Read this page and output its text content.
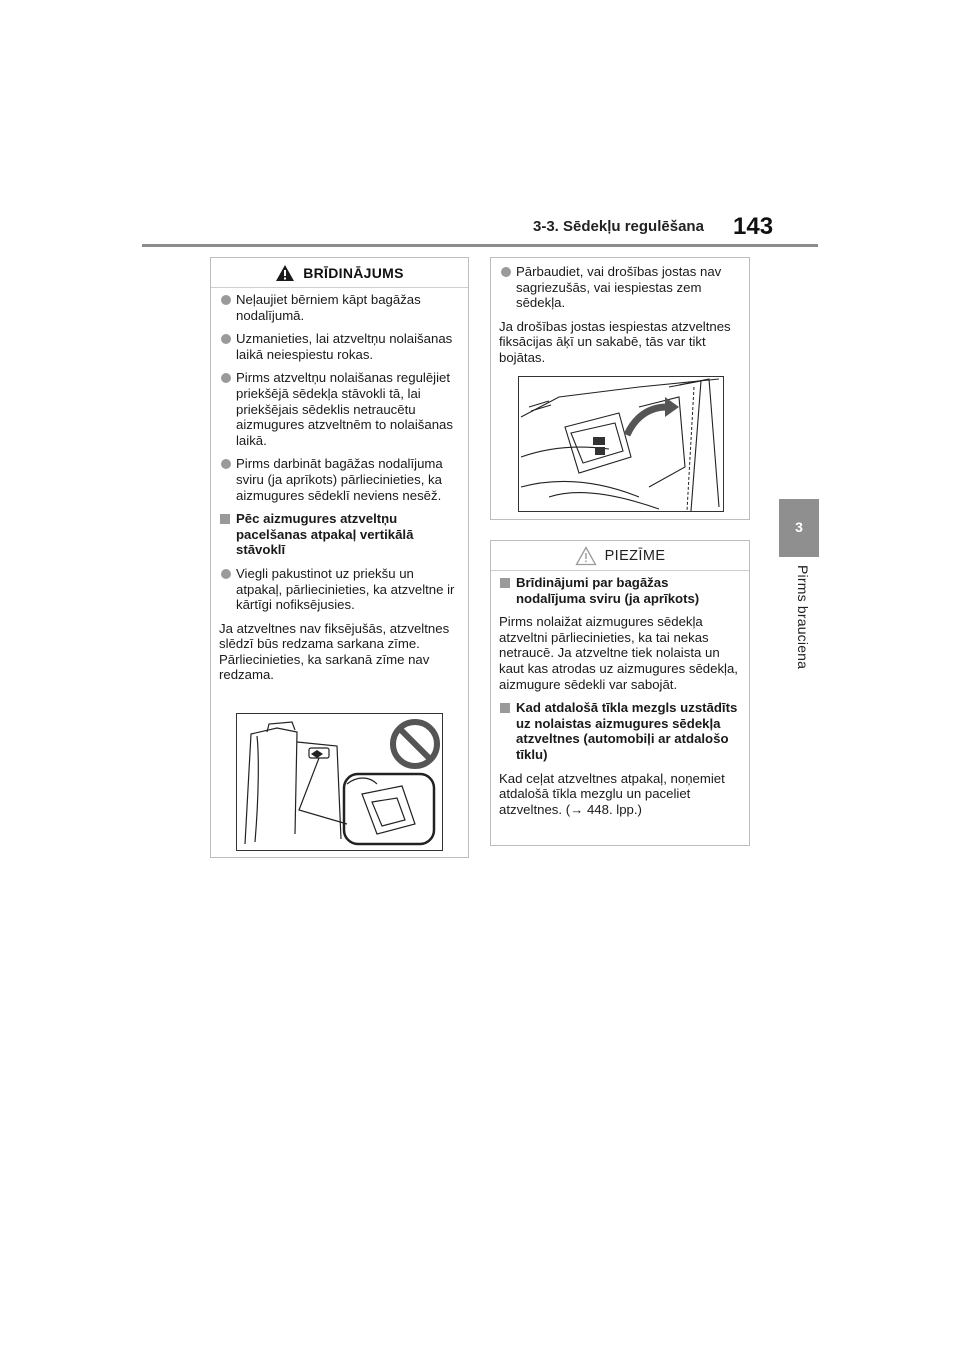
3-3. Sēdekļu regulēšana 143
3
Pirms brauciena
BRĪDINĀJUMS
Neļaujiet bērniem kāpt bagāžas nodalījumā.
Uzmanieties, lai atzveltņu nolaišanas laikā neiespiestu rokas.
Pirms atzveltņu nolaišanas regulējiet priekšējā sēdekļa stāvokli tā, lai priekšējais sēdeklis netraucētu aizmugures atzveltnēm to nolaišanas laikā.
Pirms darbināt bagāžas nodalījuma sviru (ja aprīkots) pārliecinieties, ka aizmugures sēdeklī neviens nesēž.
Pēc aizmugures atzveltņu pacelšanas atpakaļ vertikālā stāvoklī
Viegli pakustinot uz priekšu un atpakaļ, pārliecinieties, ka atzveltne ir kārtīgi nofiksējusies.
Ja atzveltnes nav fiksējušās, atzveltnes slēdzī būs redzama sarkana zīme. Pārliecinieties, ka sarkanā zīme nav redzama.
Pārbaudiet, vai drošības jostas nav sagriezušās, vai iespiestas zem sēdekļa.
Ja drošības jostas iespiestas atzveltnes fiksācijas āķī un sakabē, tās var tikt bojātas.
PIEZĪME
Brīdinājumi par bagāžas nodalījuma sviru (ja aprīkots)
Pirms nolaižat aizmugures sēdekļa atzveltni pārliecinieties, ka tai nekas netraucē. Ja atzveltne tiek nolaista un kaut kas atrodas uz aizmugures sēdekļa, aizmugure sēdekli var sabojāt.
Kad atdalošā tīkla mezgls uzstādīts uz nolaistas aizmugures sēdekļa atzveltnes (automobiļi ar atdalošo tīklu)
Kad ceļat atzveltnes atpakaļ, noņemiet atdalošā tīkla mezglu un paceliet atzveltnes. (→ 448. lpp.)
